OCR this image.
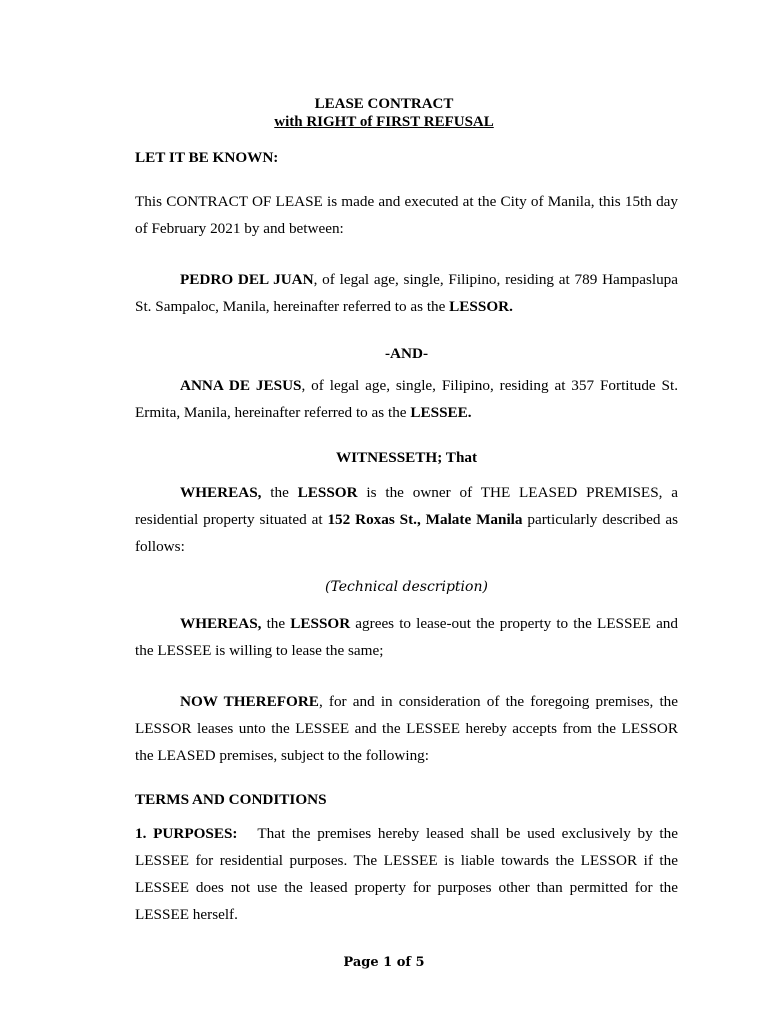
LEASE CONTRACT

with RIGHT of FIRST REFUSAL

LET IT BE KNOWN:

This CONTRACT OF LEASE is made and executed at the City of Manila, this 15th day of February 2021 by and between:

PEDRO DEL JUAN, of legal age, single, Filipino, residing at 789 Hampaslupa St. Sampaloc, Manila, hereinafter referred to as the LESSOR.

-AND-

ANNA DE JESUS, of legal age, single, Filipino, residing at 357 Fortitude St. Ermita, Manila, hereinafter referred to as the LESSEE.

WITNESSETH; That

WHEREAS, the LESSOR is the owner of THE LEASED PREMISES, a residential property situated at 152 Roxas St., Malate Manila particularly described as follows:

(Technical description)

WHEREAS, the LESSOR agrees to lease-out the property to the LESSEE and the LESSEE is willing to lease the same;

NOW THEREFORE, for and in consideration of the foregoing premises, the LESSOR leases unto the LESSEE and the LESSEE hereby accepts from the LESSOR the LEASED premises, subject to the following:

TERMS AND CONDITIONS

1. PURPOSES:   That the premises hereby leased shall be used exclusively by the LESSEE for residential purposes. The LESSEE is liable towards the LESSOR if the LESSEE does not use the leased property for purposes other than permitted for the LESSEE herself.

Page 1 of 5
